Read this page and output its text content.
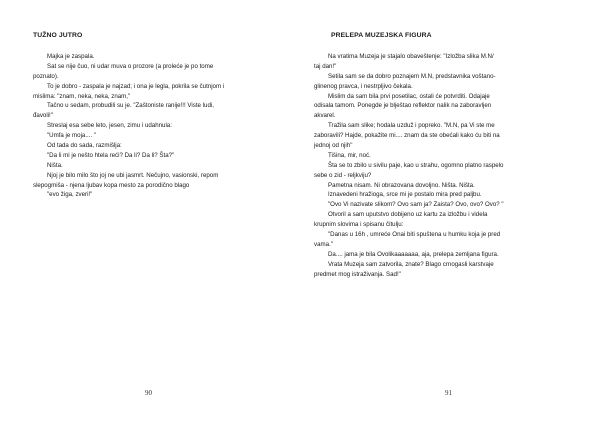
TUŽNO JUTRO
Majka je zaspala.
Sat se nije čuo, ni udar muva o prozore (a proleće je po tome
poznato).
To je dobro - zaspala je najzad; i ona je legla, pokrila se čutnjom i
mislima: "znam, neka, neka, znam,"
Tačno u sedam, probudili su je. "Zaštoniste ranije!!! Viste ludi,
đavoli!"
Streslaj esa sebe leto, jesen, zimu i udahnula:
"Umfa je moja.... "
Od tada do sada, razmišlja:
"Da li mi je nešto htela reći? Da li? Da li? Šta?"
Ništa.
Njoj je bilo milo što joj ne ubi jasmrt. Nečujno, vasionski, repom
slepogmiša - njena ljubav kopa mesto za porodično blago
"evo žiga, zveri!"
90
PRELEPA MUZEJSKA FIGURA
Na vratima Muzeja je stajalo obaveštenje: "Izložba slika M.N/
taj dan!"
Setila sam se da dobro poznajem M.N, predstavnika voštano-
glinenog pravca, i nestrpljivo čekala.
Mislim da sam bila prvi posetilac, ostali će potvrditi. Odajaje
odisala tamom. Ponegde je blještao reflektor nalik na zaboravljen
akvarel.
Tražila sam slike; hodala uzduž i popreko. "M.N, pa Vi ste me
zaboravili? Hajde, pokažite mi.... znam da ste obećali kako ću biti na
jednoj od njih"
Tišina, mir, noć.
Šta se to zbilo u sivilu paje, kao u strahu, ogomno platno raspelo
sebe o zid - reljkviju?
Pametna nisam. Ni obrazovana dovoljno. Ništa. Ništa.
Iznavedeni hražioga, srce mi je postalo mira pred paljbu.
"Ovo Vi nazivate slikom? Ovo sam ja? Zaista? Ovo, ovo? Ovo? "
Otvoril a sam uputstvo dobijeno uz kartu za izložbu i videla
krupnim slovima i spisanu čitulju:
"Danas u 16h , umreće Onai biti spuštena u humku koja je pred
vama."
Da.... jama je bila Ovolikaaaaaaa, aja, prelepa zemljana figura.
Vrata Muzeja sam zatvorila, znate? Blago crnogasli karstvaje
predmet mog istraživanja. Sad!"
91
